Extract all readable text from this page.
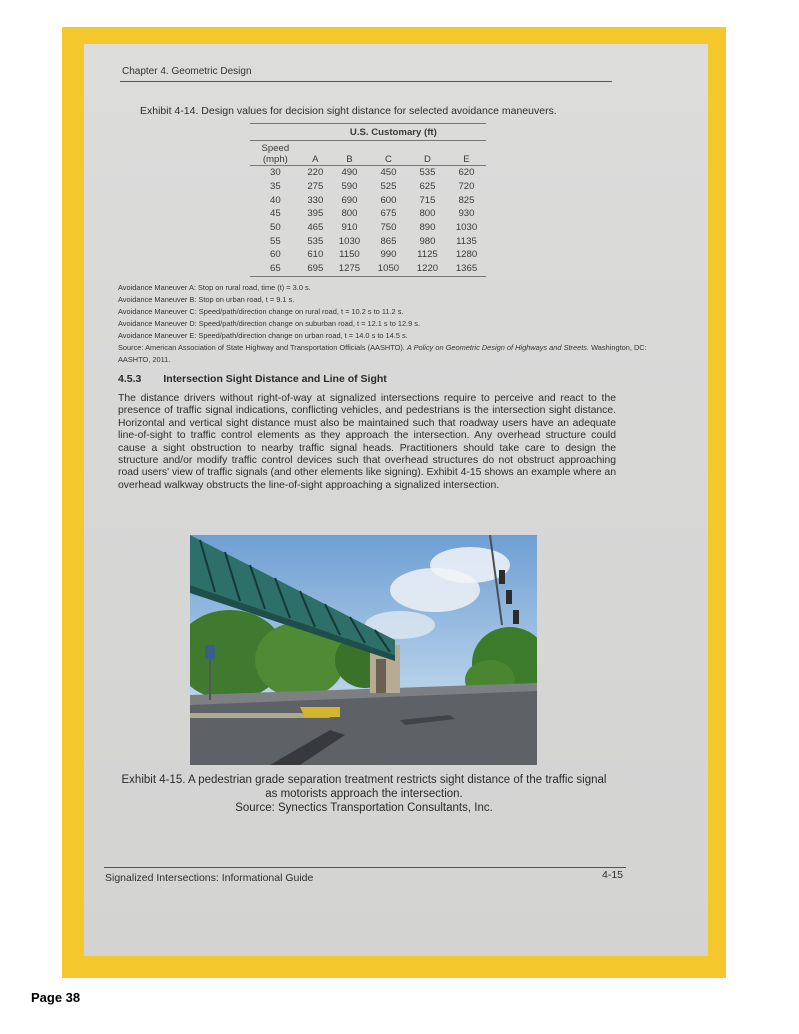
Chapter 4. Geometric Design
Exhibit 4-14. Design values for decision sight distance for selected avoidance maneuvers.
	U.S. Customary (ft)				
Speed
(mph)	A	B	C	D	E
30	220	490	450	535	620
35	275	590	525	625	720
40	330	690	600	715	825
45	395	800	675	800	930
50	465	910	750	890	1030
55	535	1030	865	980	1135
60	610	1150	990	1125	1280
65	695	1275	1050	1220	1365
Avoidance Maneuver A: Stop on rural road, time (t) = 3.0 s.
Avoidance Maneuver B: Stop on urban road, t = 9.1 s.
Avoidance Maneuver C: Speed/path/direction change on rural road, t = 10.2 s to 11.2 s.
Avoidance Maneuver D: Speed/path/direction change on suburban road, t = 12.1 s to 12.9 s.
Avoidance Maneuver E: Speed/path/direction change on urban road, t = 14.0 s to 14.5 s.
Source: American Association of State Highway and Transportation Officials (AASHTO). A Policy on Geometric Design of Highways and Streets. Washington, DC: AASHTO, 2011.
4.5.3 Intersection Sight Distance and Line of Sight
The distance drivers without right-of-way at signalized intersections require to perceive and react to the presence of traffic signal indications, conflicting vehicles, and pedestrians is the intersection sight distance. Horizontal and vertical sight distance must also be maintained such that roadway users have an adequate line-of-sight to traffic control elements as they approach the intersection. Any overhead structure could cause a sight obstruction to nearby traffic signal heads. Practitioners should take care to design the structure and/or modify traffic control devices such that overhead structures do not obstruct approaching road users' view of traffic signals (and other elements like signing). Exhibit 4-15 shows an example where an overhead walkway obstructs the line-of-sight approaching a signalized intersection.
Exhibit 4-15. A pedestrian grade separation treatment restricts sight distance of the traffic signal
as motorists approach the intersection.
Source: Synectics Transportation Consultants, Inc.
Signalized Intersections: Informational Guide	4-15
Page 38
